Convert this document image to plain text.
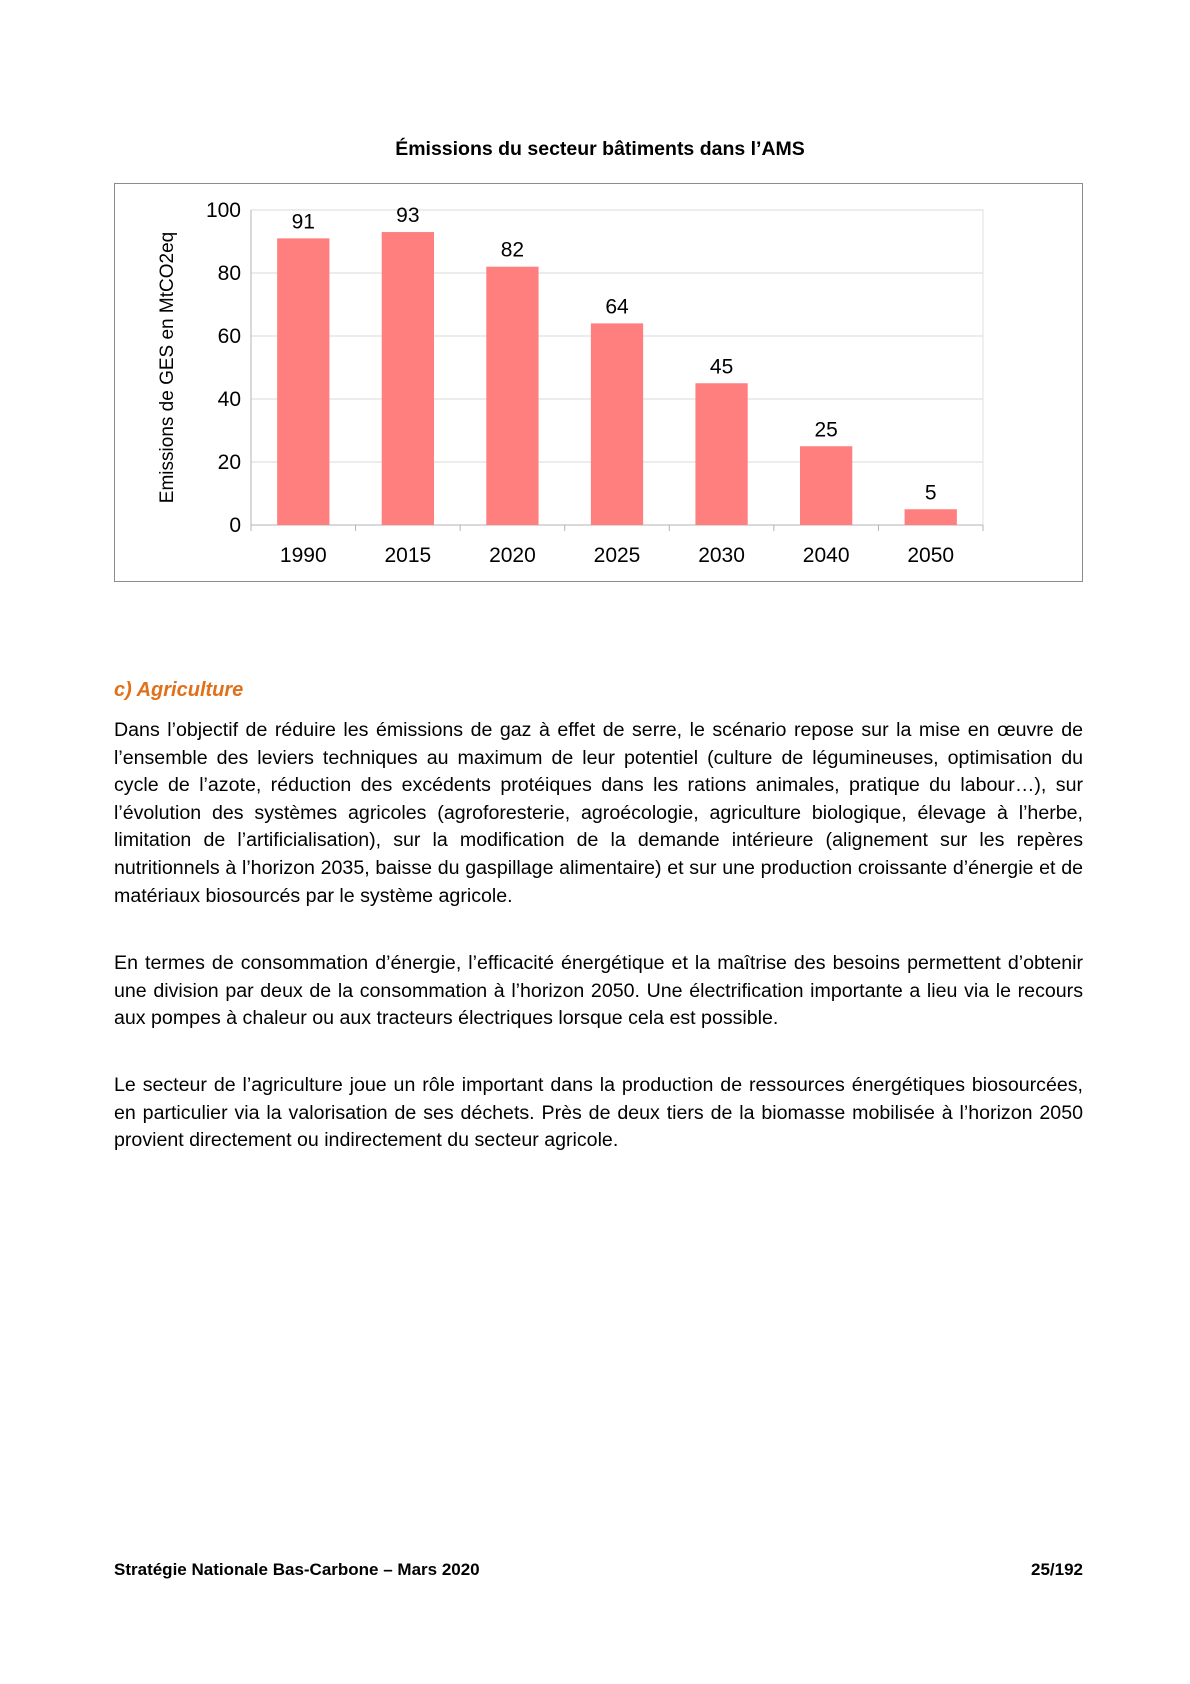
Émissions du secteur bâtiments dans l’AMS
0
20
40
60
80
100 91
1990
93
2015
82
2020
64
2025
45
2030
25
2040
5
2050
Emissions de GES en MtCO2eq
c) Agriculture

Dans l’objectif de réduire les émissions de gaz à effet de serre, le scénario repose sur la mise en œuvre de l’ensemble des leviers techniques au maximum de leur potentiel (culture de légumineuses, optimisation du cycle de l’azote, réduction des excédents protéiques dans les rations animales, pratique du labour…), sur l’évolution des systèmes agricoles (agroforesterie, agroécologie, agriculture biologique, élevage à l’herbe, limitation de l’artificialisation), sur la modification de la demande intérieure (alignement sur les repères nutritionnels à l’horizon 2035, baisse du gaspillage alimentaire) et sur une production croissante d’énergie et de matériaux biosourcés par le système agricole.

En termes de consommation d’énergie, l’efficacité énergétique et la maîtrise des besoins permettent d’obtenir une division par deux de la consommation à l’horizon 2050. Une électrification importante a lieu via le recours aux pompes à chaleur ou aux tracteurs électriques lorsque cela est possible.

Le secteur de l’agriculture joue un rôle important dans la production de ressources énergétiques biosourcées, en particulier via la valorisation de ses déchets. Près de deux tiers de la biomasse mobilisée à l’horizon 2050 provient directement ou indirectement du secteur agricole.

Stratégie Nationale Bas-Carbone – Mars 2020	25/192
